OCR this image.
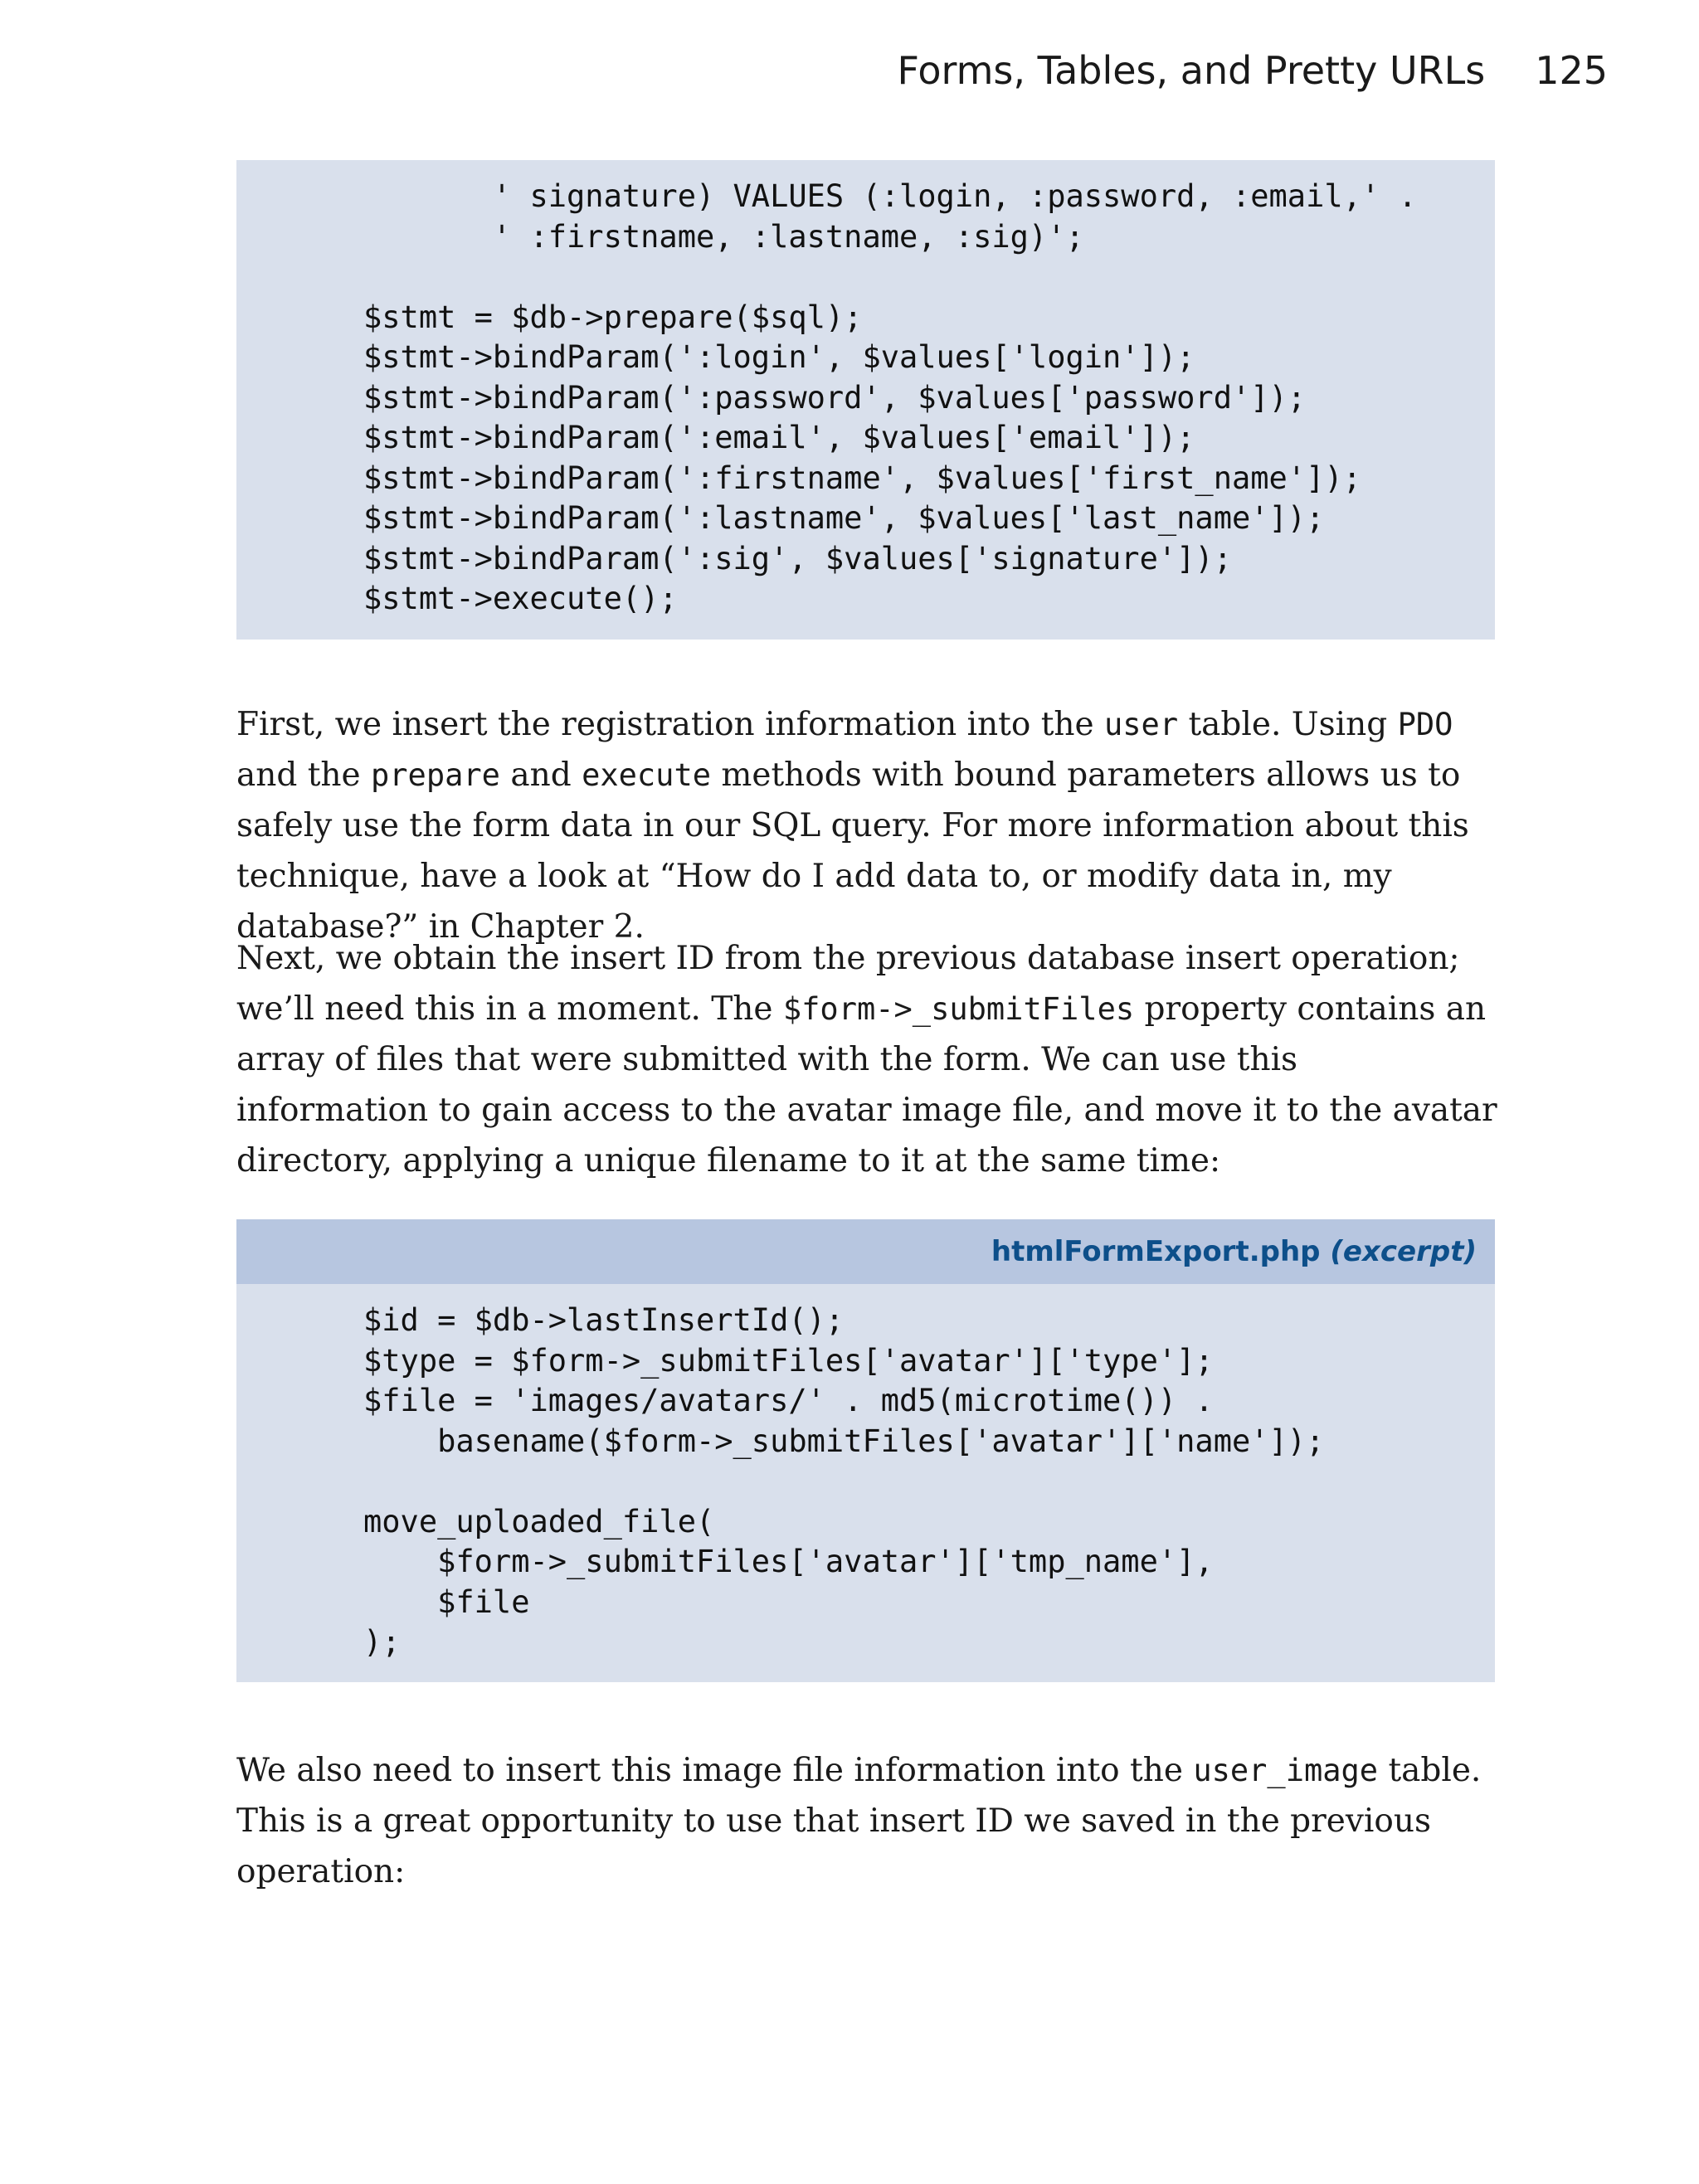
Forms, Tables, and Pretty URLs 125
' signature) VALUES (:login, :password, :email,' .
' :firstname, :lastname, :sig)';

$stmt = $db->prepare($sql);
$stmt->bindParam(':login', $values['login']);
$stmt->bindParam(':password', $values['password']);
$stmt->bindParam(':email', $values['email']);
$stmt->bindParam(':firstname', $values['first_name']);
$stmt->bindParam(':lastname', $values['last_name']);
$stmt->bindParam(':sig', $values['signature']);
$stmt->execute();

First, we insert the registration information into the user table. Using PDO and the prepare and execute methods with bound parameters allows us to safely use the form data in our SQL query. For more information about this technique, have a look at “How do I add data to, or modify data in, my database?” in Chapter 2.

Next, we obtain the insert ID from the previous database insert operation; we’ll need this in a moment. The $form->_submitFiles property contains an array of files that were submitted with the form. We can use this information to gain access to the avatar image file, and move it to the avatar directory, applying a unique filename to it at the same time:

htmlFormExport.php (excerpt)
$id = $db->lastInsertId();
$type = $form->_submitFiles['avatar']['type'];
$file = 'images/avatars/' . md5(microtime()) .
basename($form->_submitFiles['avatar']['name']);

move_uploaded_file(
$form->_submitFiles['avatar']['tmp_name'],
$file
);

We also need to insert this image file information into the user_image table. This is a great opportunity to use that insert ID we saved in the previous operation:
